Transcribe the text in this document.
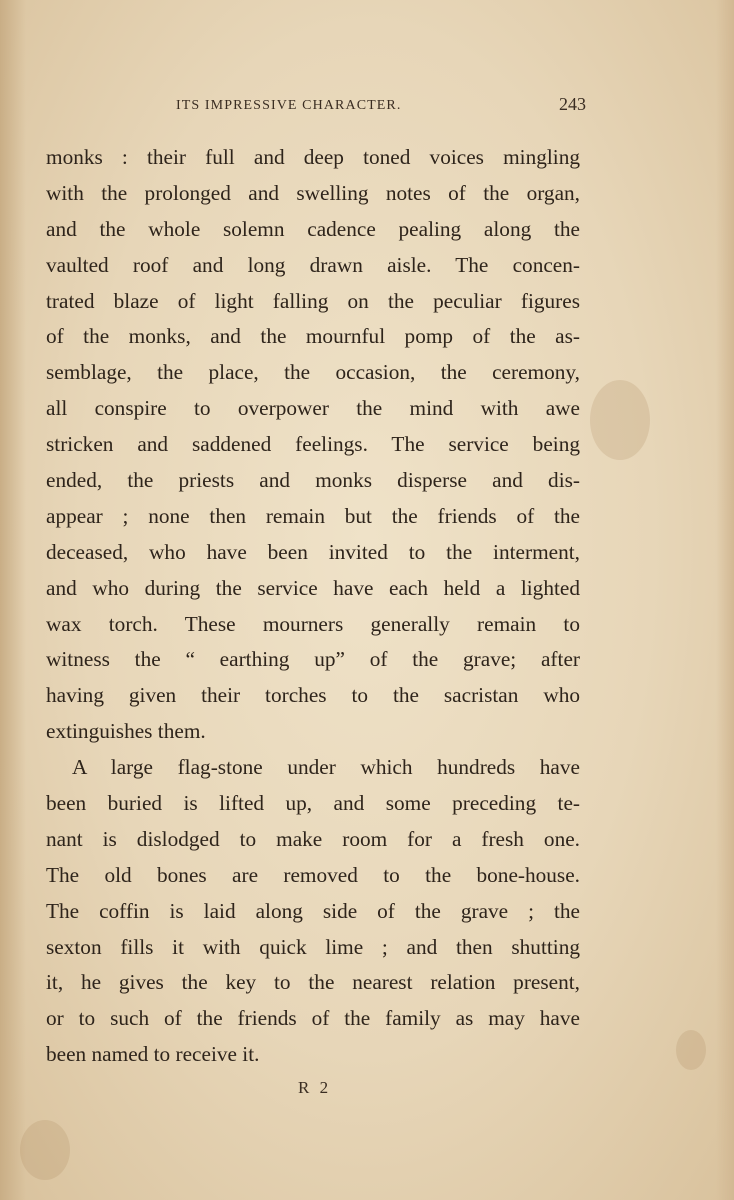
ITS IMPRESSIVE CHARACTER.	243
monks : their full and deep toned voices mingling
with the prolonged and swelling notes of the organ,
and the whole solemn cadence pealing along the
vaulted roof and long drawn aisle. The concen-
trated blaze of light falling on the peculiar figures
of the monks, and the mournful pomp of the as-
semblage, the place, the occasion, the ceremony,
all conspire to overpower the mind with awe
stricken and saddened feelings. The service being
ended, the priests and monks disperse and dis-
appear ; none then remain but the friends of the
deceased, who have been invited to the interment,
and who during the service have each held a lighted
wax torch. These mourners generally remain to
witness the “ earthing up” of the grave; after
having given their torches to the sacristan who
extinguishes them.
A large flag-stone under which hundreds have
been buried is lifted up, and some preceding te-
nant is dislodged to make room for a fresh one.
The old bones are removed to the bone-house.
The coffin is laid along side of the grave ; the
sexton fills it with quick lime ; and then shutting
it, he gives the key to the nearest relation present,
or to such of the friends of the family as may have
been named to receive it.
R 2
